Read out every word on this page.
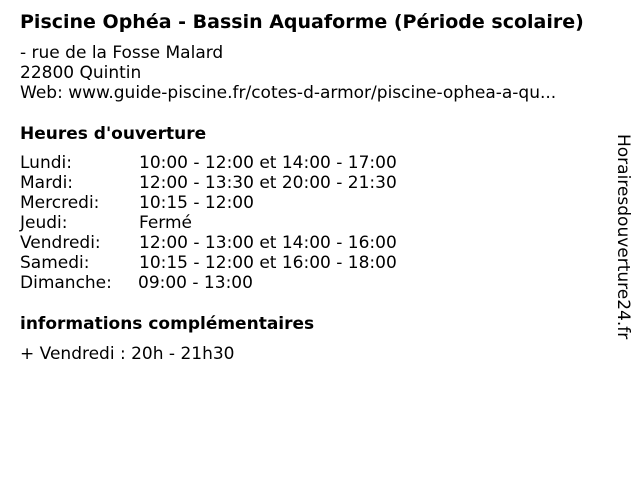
Piscine Ophéa - Bassin Aquaforme (Période scolaire)
- rue de la Fosse Malard
22800 Quintin
Web: www.guide-piscine.fr/cotes-d-armor/piscine-ophea-a-qu...
Heures d'ouverture
Lundi:	10:00 - 12:00 et 14:00 - 17:00
Mardi:	12:00 - 13:30 et 20:00 - 21:30
Mercredi: 10:15 - 12:00
Jeudi:	Fermé
Vendredi: 12:00 - 13:00 et 14:00 - 16:00
Samedi:	10:15 - 12:00 et 16:00 - 18:00
Dimanche: 09:00 - 13:00
informations complémentaires
+ Vendredi : 20h - 21h30
Horairesdouverture24.fr
